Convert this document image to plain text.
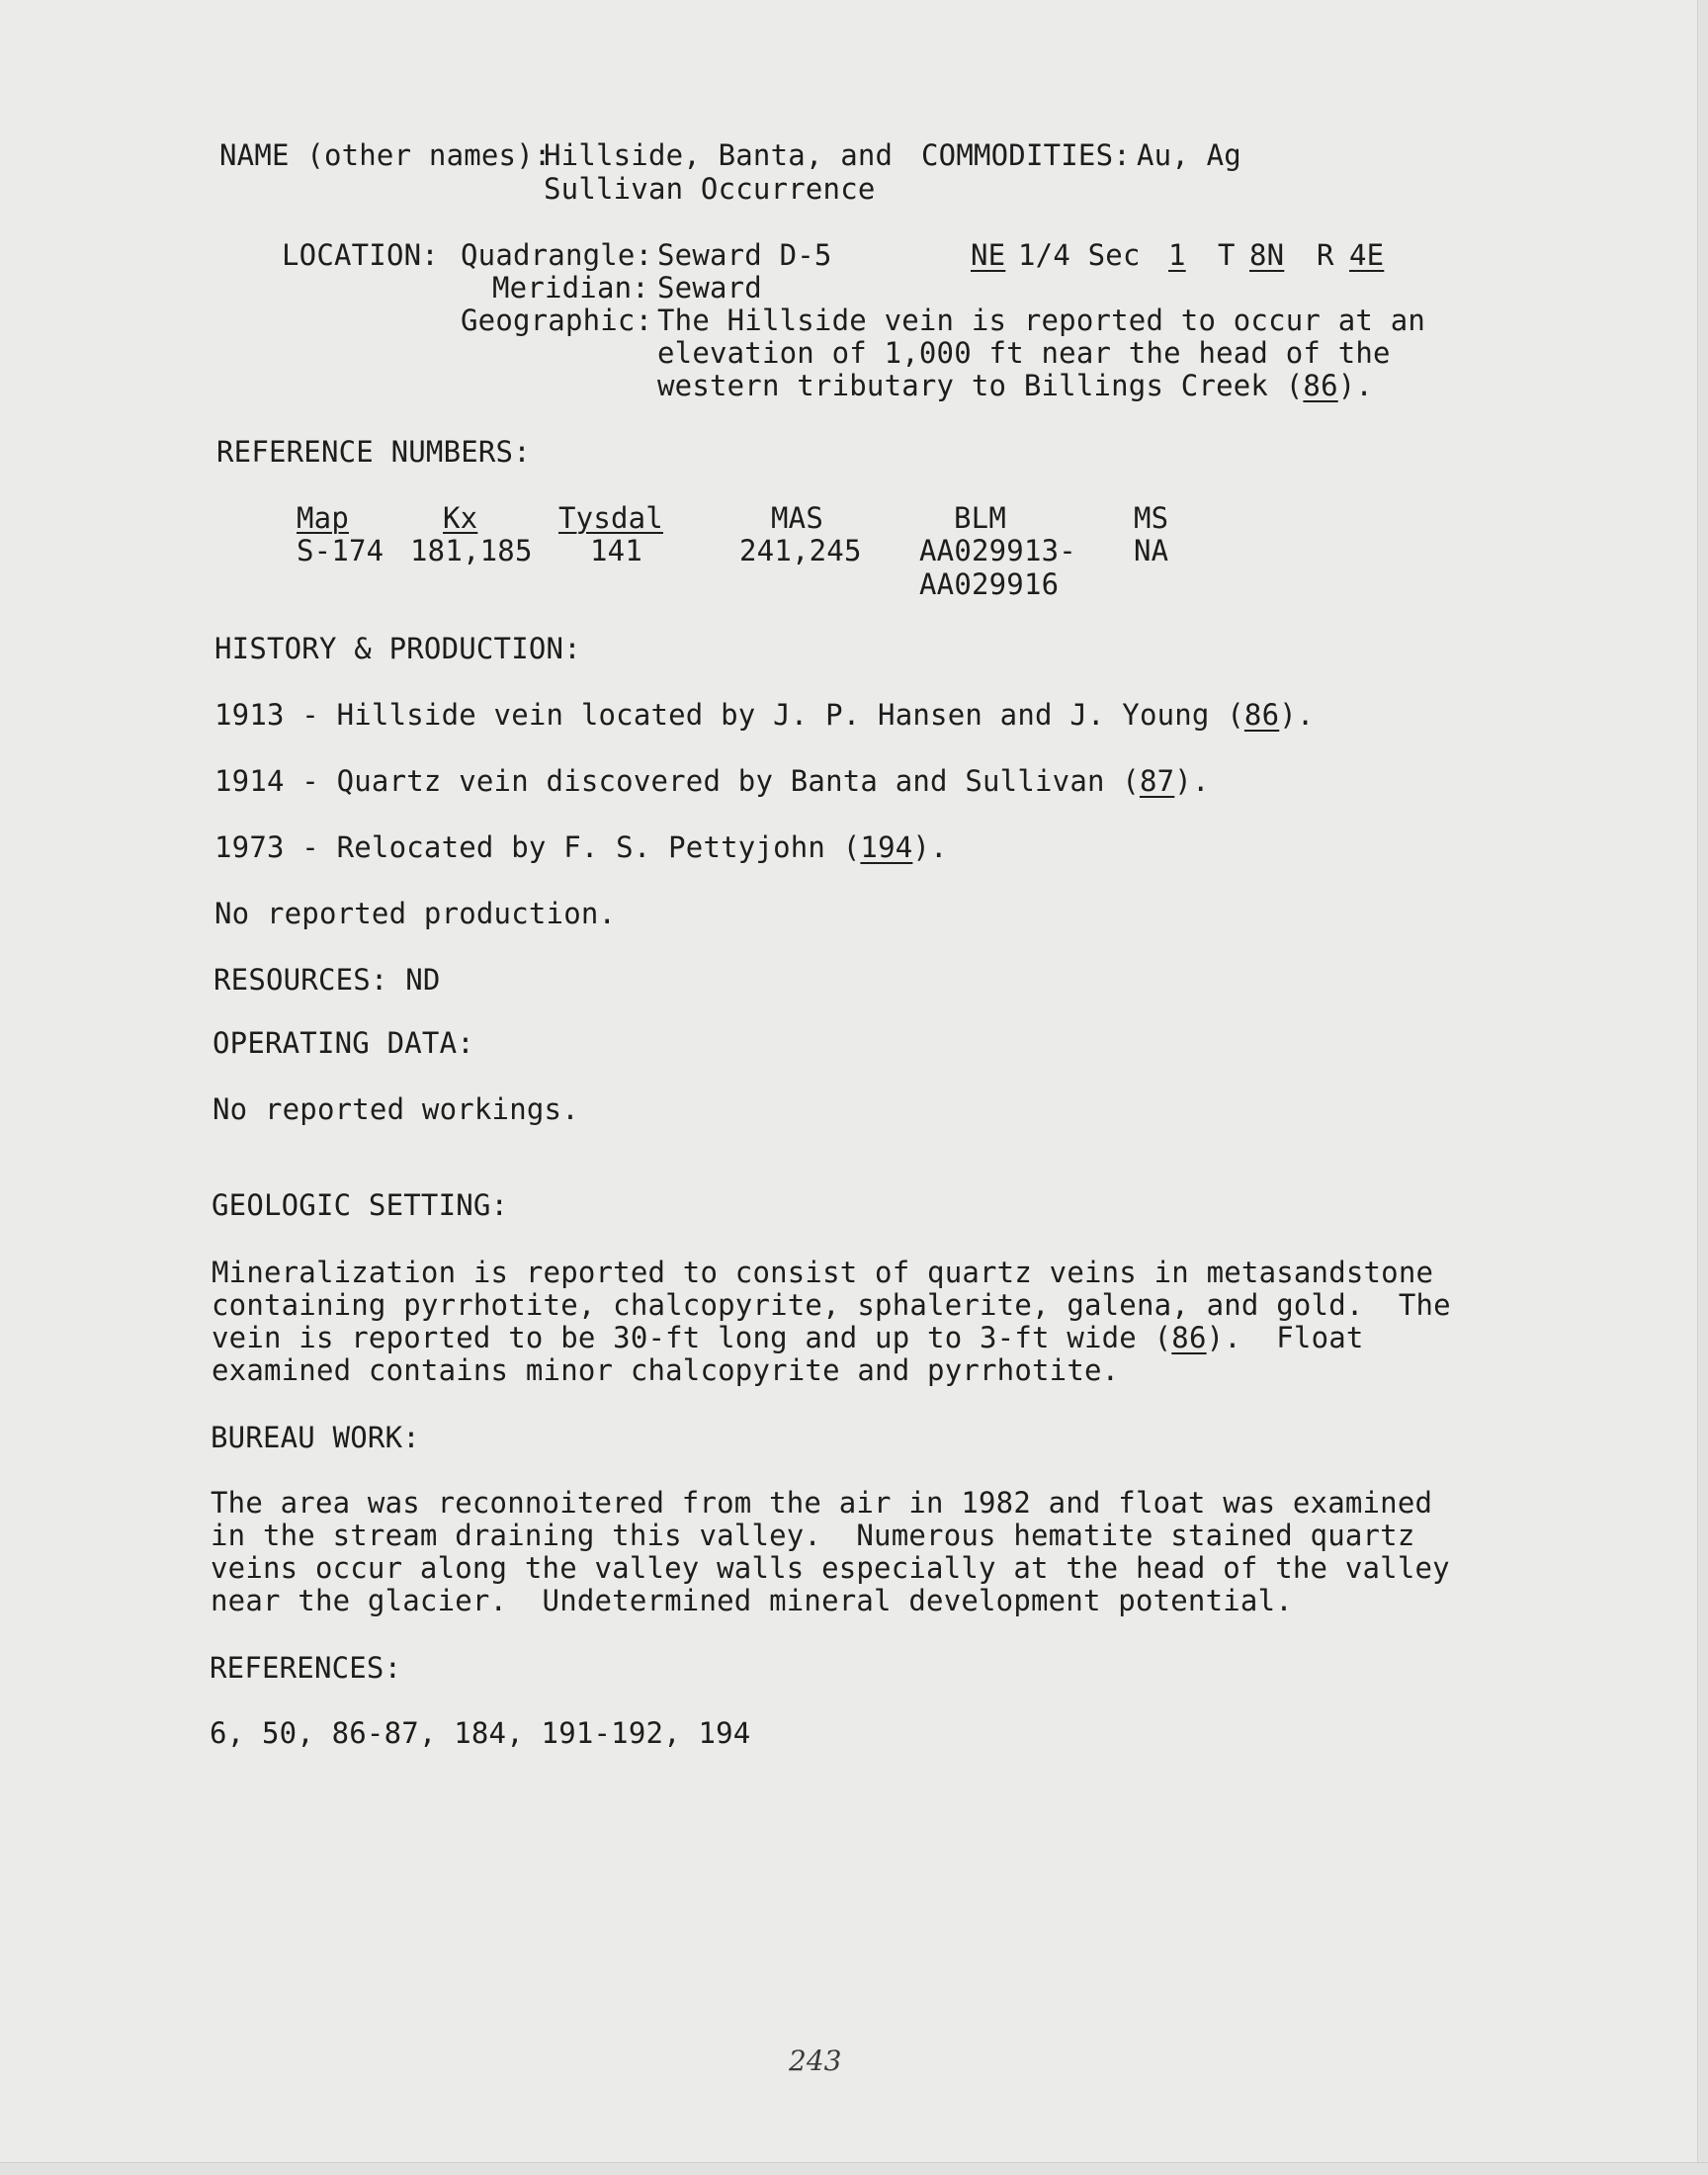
NAME (other names):
Hillside, Banta, and
Sullivan Occurrence
COMMODITIES: Au, Ag
LOCATION: Quadrangle: Seward D-5	NE 1/4 Sec 1 T 8N R 4E
Meridian: Seward
Geographic: The Hillside vein is reported to occur at an
elevation of 1,000 ft near the head of the
western tributary to Billings Creek (86).
REFERENCE NUMBERS:
Map
S-174
Kx
181,185
Tysdal
141
MAS
241,245
BLM
AA029913-
AA029916
MS
NA
HISTORY & PRODUCTION:
1913 - Hillside vein located by J. P. Hansen and J. Young (86).
1914 - Quartz vein discovered by Banta and Sullivan (87).
1973 - Relocated by F. S. Pettyjohn (194).
No reported production.
RESOURCES: ND
OPERATING DATA:
No reported workings.
GEOLOGIC SETTING:
Mineralization is reported to consist of quartz veins in metasandstone
containing pyrrhotite, chalcopyrite, sphalerite, galena, and gold.  The
vein is reported to be 30-ft long and up to 3-ft wide (86).  Float
examined contains minor chalcopyrite and pyrrhotite.
BUREAU WORK:
The area was reconnoitered from the air in 1982 and float was examined
in the stream draining this valley.  Numerous hematite stained quartz
veins occur along the valley walls especially at the head of the valley
near the glacier.  Undetermined mineral development potential.
REFERENCES:
6, 50, 86-87, 184, 191-192, 194
243
